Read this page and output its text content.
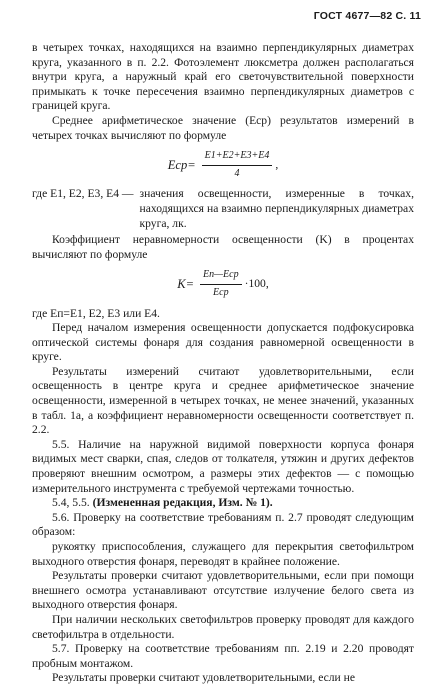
ГОСТ 4677—82 С. 11

в четырех точках, находящихся на взаимно перпендикулярных диаметрах круга, указанного в п. 2.2. Фотоэлемент люксметра должен располагаться внутри круга, а наружный край его светочувствительной поверхности примыкать к точке пересечения взаимно перпендикулярных диаметров с границей круга.

Среднее арифметическое значение (Eср) результатов измерений в четырех точках вычисляют по формуле

$Eср= \frac{E1+E2+E3+E4}{4}$ ,
где E1, E2, E3, E4 — значения освещенности, измеренные в точках, находящихся на взаимно перпендикулярных диаметрах круга, лк.

Коэффициент неравномерности освещенности (K) в процентах вычисляют по формуле

$K= \frac{\text{Eп—Eср}}{\text{Eср}} \cdot 100$,

где Eп=E1, E2, E3 или E4.

Перед началом измерения освещенности допускается подфокусировка оптической системы фонаря для создания равномерной освещенности в круге.

Результаты измерений считают удовлетворительными, если освещенность в центре круга и среднее арифметическое значение освещенности, измеренной в четырех точках, не менее значений, указанных в табл. 1а, а коэффициент неравномерности освещенности соответствует п. 2.2.

5.5. Наличие на наружной видимой поверхности корпуса фонаря видимых мест сварки, спая, следов от толкателя, утяжин и других дефектов проверяют внешним осмотром, а размеры этих дефектов — с помощью измерительного инструмента с требуемой чертежами точностью.

5.4, 5.5. (Измененная редакция, Изм. № 1).

5.6. Проверку на соответствие требованиям п. 2.7 проводят следующим образом:

рукоятку приспособления, служащего для перекрытия светофильтром выходного отверстия фонаря, переводят в крайнее положение.

Результаты проверки считают удовлетворительными, если при помощи внешнего осмотра устанавливают отсутствие излучение белого света из выходного отверстия фонаря.

При наличии нескольких светофильтров проверку проводят для каждого светофильтра в отдельности.

5.7. Проверку на соответствие требованиям пп. 2.19 и 2.20 проводят пробным монтажом.

Результаты проверки считают удовлетворительными, если не
